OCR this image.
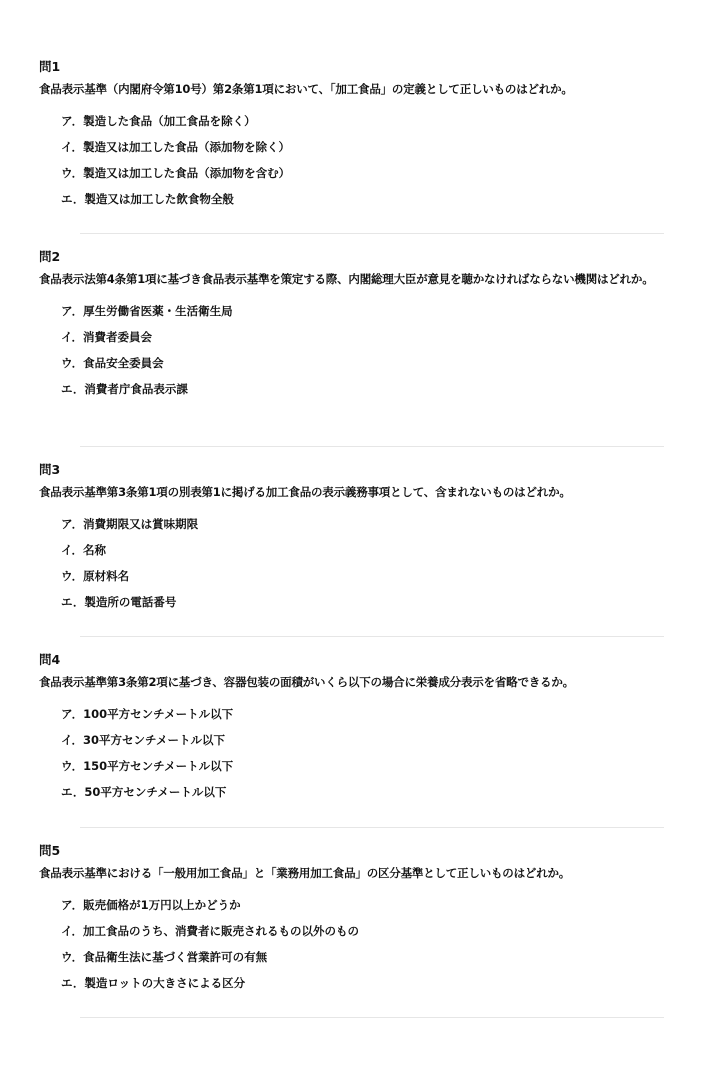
問1
食品表示基準（内閣府令第10号）第2条第1項において、「加工食品」の定義として正しいものはどれか。
ア．製造した食品（加工食品を除く）
イ．製造又は加工した食品（添加物を除く）
ウ．製造又は加工した食品（添加物を含む）
エ．製造又は加工した飲食物全般
問2
食品表示法第4条第1項に基づき食品表示基準を策定する際、内閣総理大臣が意見を聴かなければならない機関はどれか。
ア．厚生労働省医薬・生活衛生局
イ．消費者委員会
ウ．食品安全委員会
エ．消費者庁食品表示課
問3
食品表示基準第3条第1項の別表第1に掲げる加工食品の表示義務事項として、含まれないものはどれか。
ア．消費期限又は賞味期限
イ．名称
ウ．原材料名
エ．製造所の電話番号
問4
食品表示基準第3条第2項に基づき、容器包装の面積がいくら以下の場合に栄養成分表示を省略できるか。
ア．100平方センチメートル以下
イ．30平方センチメートル以下
ウ．150平方センチメートル以下
エ．50平方センチメートル以下
問5
食品表示基準における「一般用加工食品」と「業務用加工食品」の区分基準として正しいものはどれか。
ア．販売価格が1万円以上かどうか
イ．加工食品のうち、消費者に販売されるもの以外のもの
ウ．食品衛生法に基づく営業許可の有無
エ．製造ロットの大きさによる区分
